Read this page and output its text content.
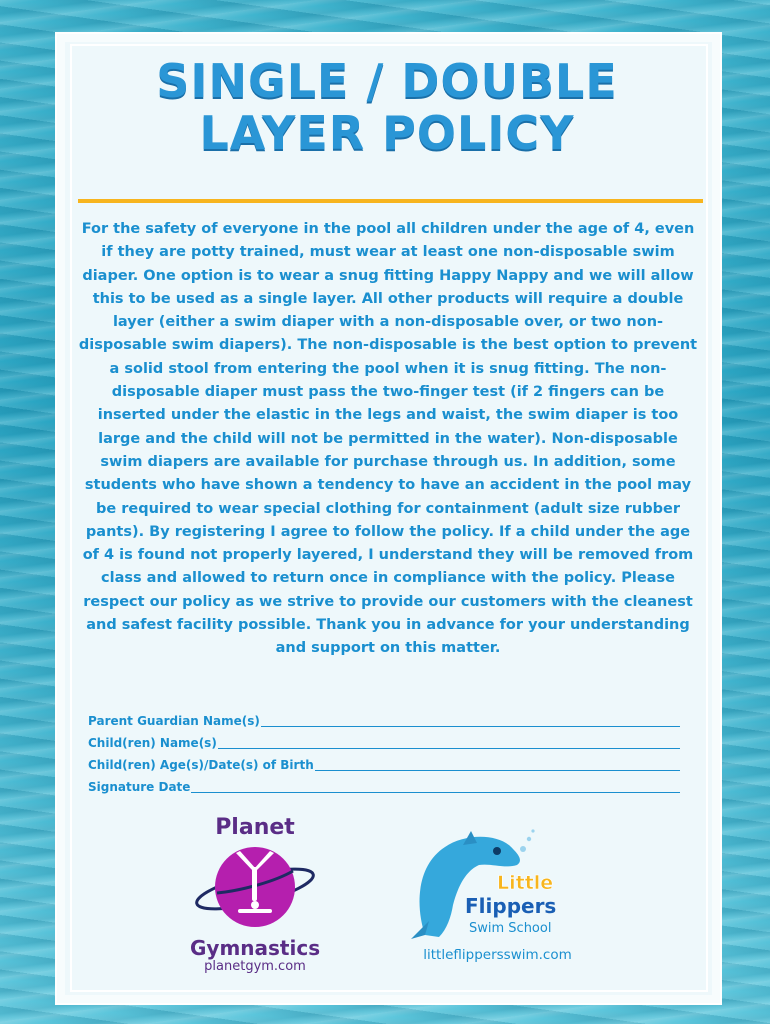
SINGLE / DOUBLE
LAYER POLICY

For the safety of everyone in the pool all children under the age of 4, even if they are potty trained, must wear at least one non-disposable swim diaper. One option is to wear a snug fitting Happy Nappy and we will allow this to be used as a single layer. All other products will require a double layer (either a swim diaper with a non-disposable over, or two non-disposable swim diapers). The non-disposable is the best option to prevent a solid stool from entering the pool when it is snug fitting. The non-disposable diaper must pass the two-finger test (if 2 fingers can be inserted under the elastic in the legs and waist, the swim diaper is too large and the child will not be permitted in the water). Non-disposable swim diapers are available for purchase through us. In addition, some students who have shown a tendency to have an accident in the pool may be required to wear special clothing for containment (adult size rubber pants). By registering I agree to follow the policy. If a child under the age of 4 is found not properly layered, I understand they will be removed from class and allowed to return once in compliance with the policy. Please respect our policy as we strive to provide our customers with the cleanest and safest facility possible. Thank you in advance for your understanding and support on this matter.

Parent Guardian Name(s)
Child(ren) Name(s)
Child(ren) Age(s)/Date(s) of Birth
Signature Date
Planet
Gymnastics
planetgym.com
Little
Flippers
Swim School
littleflippersswim.com
